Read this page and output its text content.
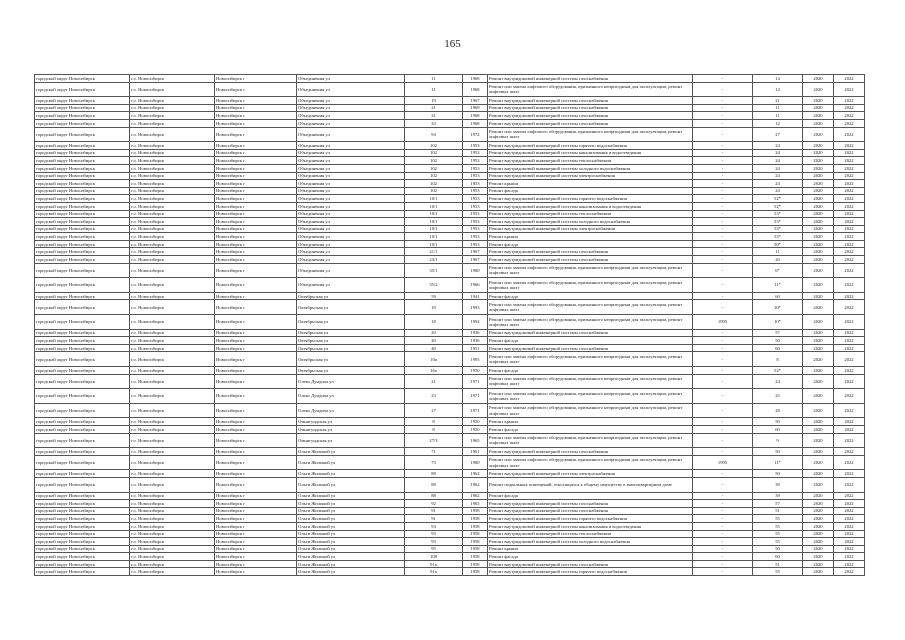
165
городской округ Новосибирск	г.о. Новосибирск	Новосибирск г	Объединения ул	11	1968	Ремонт внутридомовой инженерной системы газоснабжения	-	14	2020	2022
городской округ Новосибирск	г.о. Новосибирск	Новосибирск г	Объединения ул	11	1968	Ремонт или замена лифтового оборудования, признанного непригодным для эксплуатации, ремонт лифтовых шахт	-	14	2020	2022
городской округ Новосибирск	г.о. Новосибирск	Новосибирск г	Объединения ул	19	1967	Ремонт внутридомовой инженерной системы газоснабжения	-	21	2020	2022
городской округ Новосибирск	г.о. Новосибирск	Новосибирск г	Объединения ул	21	1969	Ремонт внутридомовой инженерной системы газоснабжения	-	11	2020	2022
городской округ Новосибирск	г.о. Новосибирск	Новосибирск г	Объединения ул	31	1968	Ремонт внутридомовой инженерной системы газоснабжения	-	11	2020	2022
городской округ Новосибирск	г.о. Новосибирск	Новосибирск г	Объединения ул	33	1968	Ремонт внутридомовой инженерной системы газоснабжения	-	12	2020	2022
городской округ Новосибирск	г.о. Новосибирск	Новосибирск г	Объединения ул	94	1972	Ремонт или замена лифтового оборудования, признанного непригодным для эксплуатации, ремонт лифтовых шахт	-	27	2020	2022
городской округ Новосибирск	г.о. Новосибирск	Новосибирск г	Объединения ул	102	1953	Ремонт внутридомовой инженерной системы горячего водоснабжения	-	24	2020	2022
городской округ Новосибирск	г.о. Новосибирск	Новосибирск г	Объединения ул	102	1953	Ремонт внутридомовой инженерной системы канализования и водоотведения	-	24	2020	2022
городской округ Новосибирск	г.о. Новосибирск	Новосибирск г	Объединения ул	102	1953	Ремонт внутридомовой инженерной системы теплоснабжения	-	24	2020	2022
городской округ Новосибирск	г.о. Новосибирск	Новосибирск г	Объединения ул	102	1953	Ремонт внутридомовой инженерной системы холодного водоснабжения	-	24	2020	2022
городской округ Новосибирск	г.о. Новосибирск	Новосибирск г	Объединения ул	102	1953	Ремонт внутридомовой инженерной системы электроснабжения	-	24	2020	2022
городской округ Новосибирск	г.о. Новосибирск	Новосибирск г	Объединения ул	102	1953	Ремонт крыши	-	24	2020	2022
городской округ Новосибирск	г.о. Новосибирск	Новосибирск г	Объединения ул	102	1953	Ремонт фасада	-	24	2020	2022
городской округ Новосибирск	г.о. Новосибирск	Новосибирск г	Объединения ул	10/1	1953	Ремонт внутридомовой инженерной системы горячего водоснабжения	-	52*	2020	2022
городской округ Новосибирск	г.о. Новосибирск	Новосибирск г	Объединения ул	10/1	1953	Ремонт внутридомовой инженерной системы канализования и водоотведения	-	52*	2020	2022
городской округ Новосибирск	г.о. Новосибирск	Новосибирск г	Объединения ул	10/1	1953	Ремонт внутридомовой инженерной системы теплоснабжения	-	53*	2020	2022
городской округ Новосибирск	г.о. Новосибирск	Новосибирск г	Объединения ул	10/1	1953	Ремонт внутридомовой инженерной системы холодного водоснабжения	-	53*	2020	2022
городской округ Новосибирск	г.о. Новосибирск	Новосибирск г	Объединения ул	10/1	1953	Ремонт внутридомовой инженерной системы электроснабжения	-	53*	2020	2022
городской округ Новосибирск	г.о. Новосибирск	Новосибирск г	Объединения ул	10/1	1953	Ремонт крыши	-	53*	2020	2022
городской округ Новосибирск	г.о. Новосибирск	Новосибирск г	Объединения ул	10/1	1953	Ремонт фасада	-	50*	2020	2022
городской округ Новосибирск	г.о. Новосибирск	Новосибирск г	Объединения ул	21/1	1967	Ремонт внутридомовой инженерной системы газоснабжения	-	11	2020	2022
городской округ Новосибирск	г.о. Новосибирск	Новосибирск г	Объединения ул	23/1	1967	Ремонт внутридомовой инженерной системы газоснабжения	-	20	2020	2022
городской округ Новосибирск	г.о. Новосибирск	Новосибирск г	Объединения ул	35/1	1980	Ремонт или замена лифтового оборудования, признанного непригодным для эксплуатации, ремонт лифтовых шахт	-	6*	2020	2022
городской округ Новосибирск	г.о. Новосибирск	Новосибирск г	Объединения ул	35/2	1966	Ремонт или замена лифтового оборудования, признанного непригодным для эксплуатации, ремонт лифтовых шахт	-	11*	2020	2022
городской округ Новосибирск	г.о. Новосибирск	Новосибирск г	Октябрьская ул	59	1941	Ремонт фасада	-	60	2020	2022
городской округ Новосибирск	г.о. Новосибирск	Новосибирск г	Октябрьская ул	19	1993	Ремонт или замена лифтового оборудования, признанного непригодным для эксплуатации, ремонт лифтовых шахт	-	10*	2020	2022
городской округ Новосибирск	г.о. Новосибирск	Новосибирск г	Октябрьская ул	18	1994	Ремонт или замена лифтового оборудования, признанного непригодным для эксплуатации, ремонт лифтовых шахт	1995	10*	2020	2022
городской округ Новосибирск	г.о. Новосибирск	Новосибирск г	Октябрьская ул	20	1936	Ремонт внутридомовой инженерной системы газоснабжения	-	57	2020	2022
городской округ Новосибирск	г.о. Новосибирск	Новосибирск г	Октябрьская ул	20	1936	Ремонт фасада	-	50	2020	2022
городской округ Новосибирск	г.о. Новосибирск	Новосибирск г	Октябрьская ул	40	1951	Ремонт внутридомовой инженерной системы газоснабжения	-	60	2020	2022
городской округ Новосибирск	г.о. Новосибирск	Новосибирск г	Октябрьская ул	10а	1995	Ремонт или замена лифтового оборудования, признанного непригодным для эксплуатации, ремонт лифтовых шахт	-	8	2020	2022
городской округ Новосибирск	г.о. Новосибирск	Новосибирск г	Октябрьская ул	16а	1950	Ремонт фасада	-	52*	2020	2022
городской округ Новосибирск	г.о. Новосибирск	Новосибирск г	Олеко Дундича ул	21	1971	Ремонт или замена лифтового оборудования, признанного непригодным для эксплуатации, ремонт лифтовых шахт	-	24	2020	2022
городской округ Новосибирск	г.о. Новосибирск	Новосибирск г	Олеко Дундича ул	23	1971	Ремонт или замена лифтового оборудования, признанного непригодным для эксплуатации, ремонт лифтовых шахт	-	25	2020	2022
городской округ Новосибирск	г.о. Новосибирск	Новосибирск г	Олеко Дундича ул	27	1971	Ремонт или замена лифтового оборудования, признанного непригодным для эксплуатации, ремонт лифтовых шахт	-	28	2020	2022
городской округ Новосибирск	г.о. Новосибирск	Новосибирск г	Омнигундская ул	8	1950	Ремонт крыши	-	50	2020	2022
городской округ Новосибирск	г.о. Новосибирск	Новосибирск г	Омнигундская ул	8	1950	Ремонт фасада	-	60	2020	2022
городской округ Новосибирск	г.о. Новосибирск	Новосибирск г	Омнигундская ул	27/3	1965	Ремонт или замена лифтового оборудования, признанного непригодным для эксплуатации, ремонт лифтовых шахт	-	9	2020	2022
городской округ Новосибирск	г.о. Новосибирск	Новосибирск г	Ольги Жилиной ул	71	1961	Ремонт внутридомовой инженерной системы газоснабжения	-	50	2020	2022
городской округ Новосибирск	г.о. Новосибирск	Новосибирск г	Ольги Жилиной ул	73	1980	Ремонт или замена лифтового оборудования, признанного непригодным для эксплуатации, ремонт лифтовых шахт	1995	11*	2020	2022
городской округ Новосибирск	г.о. Новосибирск	Новосибирск г	Ольги Жилиной ул	88	1962	Ремонт внутридомовой инженерной системы электроснабжения	-	50	2020	2022
городской округ Новосибирск	г.о. Новосибирск	Новосибирск г	Ольги Жилиной ул	88	1962	Ремонт подвальных помещений, относящихся к общему имуществу в многоквартирном доме	-	39	2020	2022
городской округ Новосибирск	г.о. Новосибирск	Новосибирск г	Ольги Жилиной ул	88	1962	Ремонт фасада	-	39	2020	2022
городской округ Новосибирск	г.о. Новосибирск	Новосибирск г	Ольги Жилиной ул	92	1965	Ремонт внутридомовой инженерной системы газоснабжения	-	57	2020	2022
городской округ Новосибирск	г.о. Новосибирск	Новосибирск г	Ольги Жилиной ул	91	1958	Ремонт внутридомовой инженерной системы газоснабжения	-	51	2020	2022
городской округ Новосибирск	г.о. Новосибирск	Новосибирск г	Ольги Жилиной ул	91	1958	Ремонт внутридомовой инженерной системы горячего водоснабжения	-	55	2020	2022
городской округ Новосибирск	г.о. Новосибирск	Новосибирск г	Ольги Жилиной ул	93	1958	Ремонт внутридомовой инженерной системы канализования и водоотведения	-	55	2020	2022
городской округ Новосибирск	г.о. Новосибирск	Новосибирск г	Ольги Жилиной ул	93	1958	Ремонт внутридомовой инженерной системы теплоснабжения	-	55	2020	2022
городской округ Новосибирск	г.о. Новосибирск	Новосибирск г	Ольги Жилиной ул	93	1958	Ремонт внутридомовой инженерной системы холодного водоснабжения	-	55	2020	2022
городской округ Новосибирск	г.о. Новосибирск	Новосибирск г	Ольги Жилиной ул	95	1958	Ремонт крыши	-	50	2020	2022
городской округ Новосибирск	г.о. Новосибирск	Новосибирск г	Ольги Жилиной ул	108	1958	Ремонт фасада	-	60	2020	2022
городской округ Новосибирск	г.о. Новосибирск	Новосибирск г	Ольги Жилиной ул	91а	1958	Ремонт внутридомовой инженерной системы газоснабжения	-	51	2020	2022
городской округ Новосибирск	г.о. Новосибирск	Новосибирск г	Ольги Жилиной ул	91а	1958	Ремонт внутридомовой инженерной системы горячего водоснабжения	-	55	2020	2022
